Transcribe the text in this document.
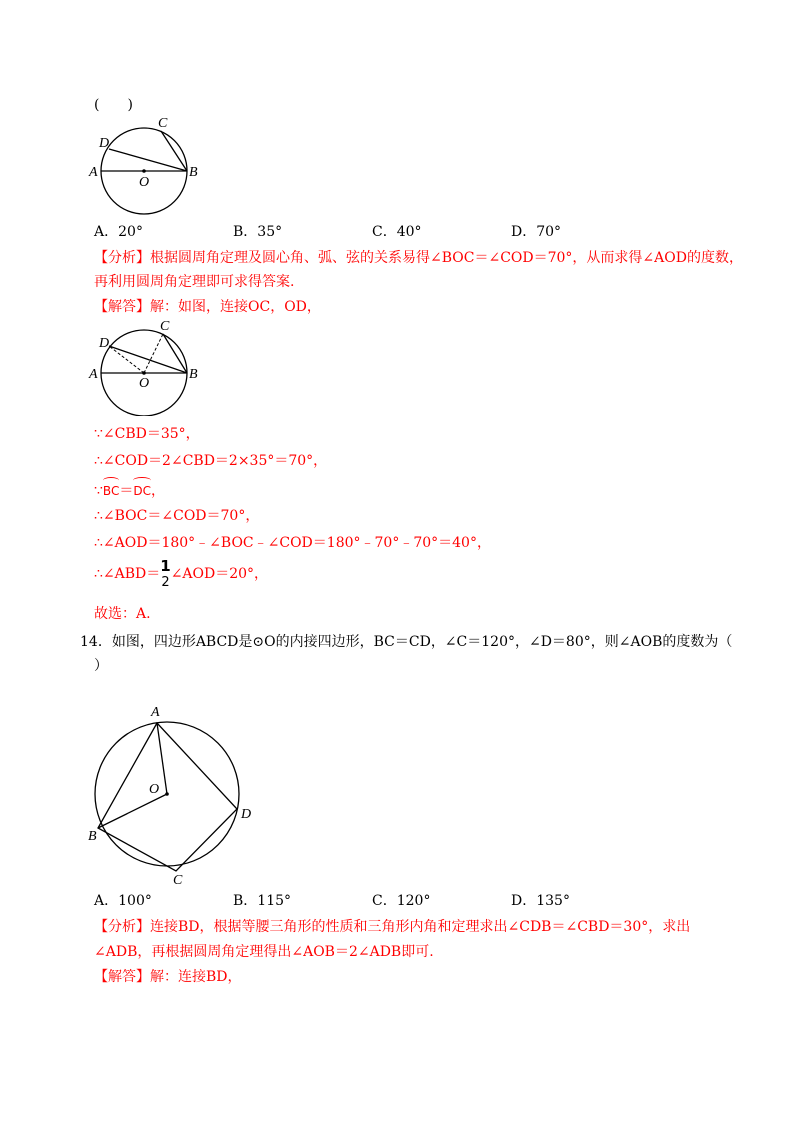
(　　)
A	B
C
D
O
A．20°	B．35°	C．40°	D．70°
【分析】根据圆周角定理及圆心角、弧、弦的关系易得∠BOC＝∠COD＝70°，从而求得∠AOD的度数，
再利用圆周角定理即可求得答案.
【解答】解：如图，连接OC，OD，
A	B
C
D
O
∵∠CBD＝35°，
∴∠COD＝2∠CBD＝2×35°＝70°，
∵BC＝DC，
∴∠BOC＝∠COD＝70°，
∴∠AOD＝180°﹣∠BOC﹣∠COD＝180°﹣70°﹣70°＝40°，
∴∠ABD＝ 1
2
∠AOD＝20°，
故选：A.
14．如图，四边形ABCD是⊙O的内接四边形，BC＝CD，∠C＝120°，∠D＝80°，则∠AOB的度数为（
）
A
B
C
D
O
A．100°	B．115°	C．120°	D．135°
【分析】连接BD，根据等腰三角形的性质和三角形内角和定理求出∠CDB＝∠CBD＝30°，求出
∠ADB，再根据圆周角定理得出∠AOB＝2∠ADB即可.
【解答】解：连接BD，
